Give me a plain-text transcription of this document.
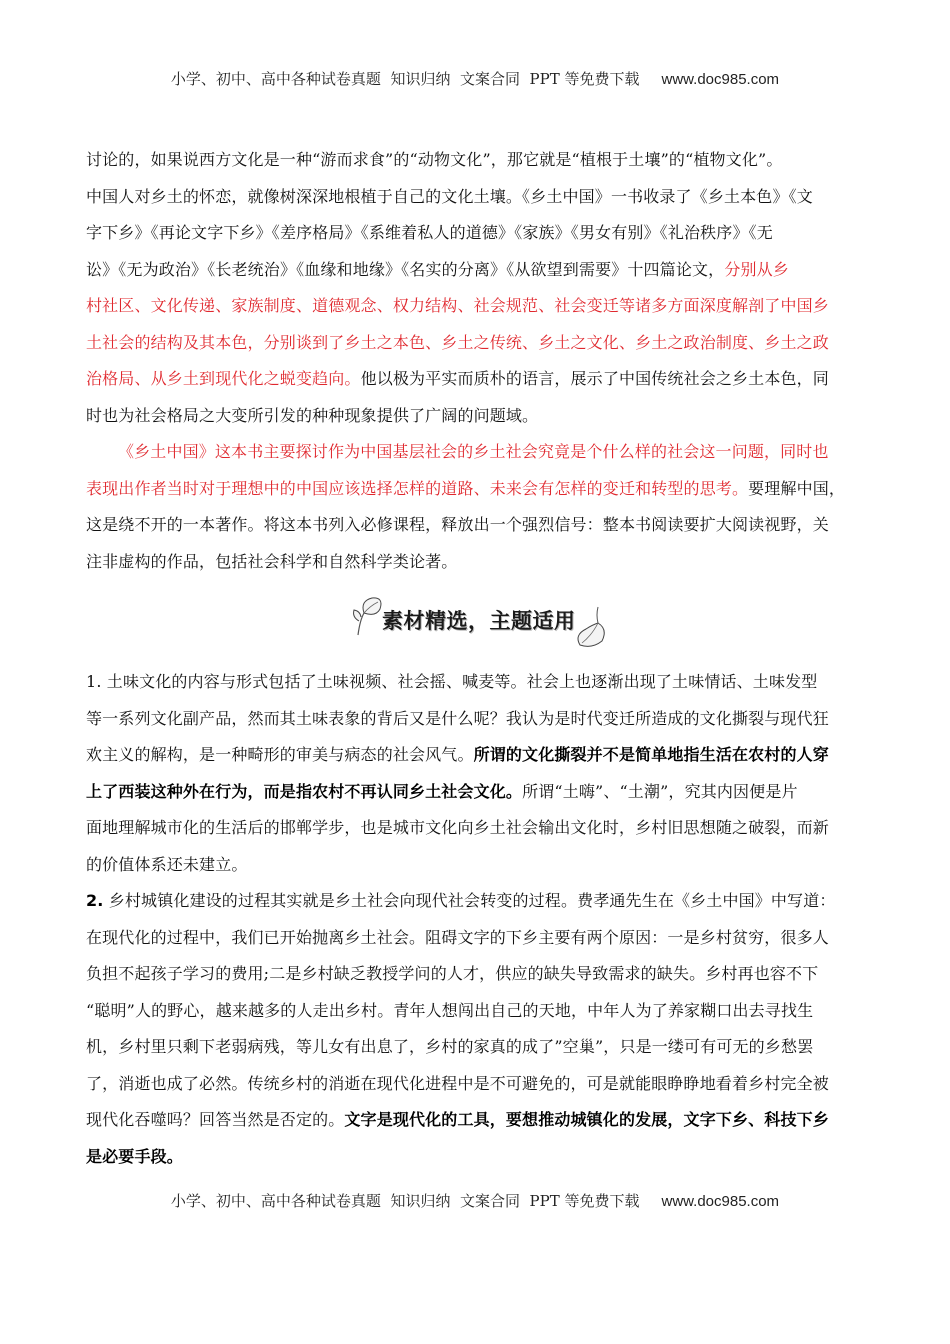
小学、初中、高中各种试卷真题  知识归纳  文案合同  PPT 等免费下载 www.doc985.com
讨论的，如果说西方文化是一种“游而求食”的“动物文化”，那它就是“植根于土壤”的“植物文化”。
中国人对乡土的怀恋，就像树深深地根植于自己的文化土壤。《乡土中国》一书收录了《乡土本色》《文
字下乡》《再论文字下乡》《差序格局》《系维着私人的道德》《家族》《男女有别》《礼治秩序》《无
讼》《无为政治》《长老统治》《血缘和地缘》《名实的分离》《从欲望到需要》十四篇论文，分别从乡
村社区、文化传递、家族制度、道德观念、权力结构、社会规范、社会变迁等诸多方面深度解剖了中国乡
土社会的结构及其本色，分别谈到了乡土之本色、乡土之传统、乡土之文化、乡土之政治制度、乡土之政
治格局、从乡土到现代化之蜕变趋向。他以极为平实而质朴的语言，展示了中国传统社会之乡土本色，同
时也为社会格局之大变所引发的种种现象提供了广阔的问题域。
《乡土中国》这本书主要探讨作为中国基层社会的乡土社会究竟是个什么样的社会这一问题，同时也
表现出作者当时对于理想中的中国应该选择怎样的道路、未来会有怎样的变迁和转型的思考。要理解中国，
这是绕不开的一本著作。将这本书列入必修课程，释放出一个强烈信号：整本书阅读要扩大阅读视野，关
注非虚构的作品，包括社会科学和自然科学类论著。
素材精选，主题适用
1. 土味文化的内容与形式包括了土味视频、社会摇、喊麦等。社会上也逐渐出现了土味情话、土味发型
等一系列文化副产品，然而其土味表象的背后又是什么呢？我认为是时代变迁所造成的文化撕裂与现代狂
欢主义的解构，是一种畸形的审美与病态的社会风气。所谓的文化撕裂并不是简单地指生活在农村的人穿
上了西装这种外在行为，而是指农村不再认同乡土社会文化。所谓“土嗨”、“土潮”，究其内因便是片
面地理解城市化的生活后的邯郸学步，也是城市文化向乡土社会输出文化时，乡村旧思想随之破裂，而新
的价值体系还未建立。
2. 乡村城镇化建设的过程其实就是乡土社会向现代社会转变的过程。费孝通先生在《乡土中国》中写道：
在现代化的过程中，我们已开始抛离乡土社会。阻碍文字的下乡主要有两个原因：一是乡村贫穷，很多人
负担不起孩子学习的费用;二是乡村缺乏教授学问的人才，供应的缺失导致需求的缺失。乡村再也容不下
“聪明”人的野心，越来越多的人走出乡村。青年人想闯出自己的天地，中年人为了养家糊口出去寻找生
机，乡村里只剩下老弱病残，等儿女有出息了，乡村的家真的成了”空巢”，只是一缕可有可无的乡愁罢
了，消逝也成了必然。传统乡村的消逝在现代化进程中是不可避免的，可是就能眼睁睁地看着乡村完全被
现代化吞噬吗？回答当然是否定的。文字是现代化的工具，要想推动城镇化的发展，文字下乡、科技下乡
是必要手段。
小学、初中、高中各种试卷真题  知识归纳  文案合同  PPT 等免费下载 www.doc985.com
